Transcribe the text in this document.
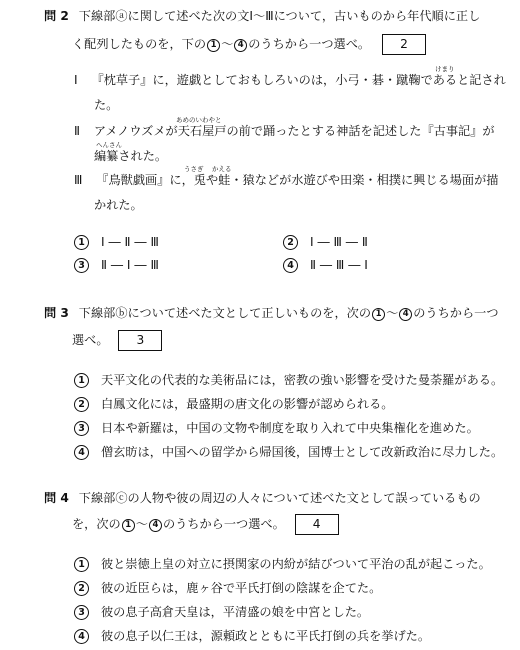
問 2 下線部ⓐに関して述べた次の文Ⅰ～Ⅲについて，古いものから年代順に正し
く配列したものを，下の 1 ～ 4 のうちから一つ選べ。 2
けまり
Ⅰ 『枕草子』に，遊戯としておもしろいのは，小弓・碁・蹴鞠であると記され
た。
あめのいわやと
Ⅱ アメノウズメが天石屋戸の前で踊ったとする神話を記述した『古事記』が
へんさん
編纂された。
うさぎ かえる
Ⅲ 『鳥獣戯画』に，兎や蛙・猿などが水遊びや田楽・相撲に興じる場面が描
かれた。
1 Ⅰ ― Ⅱ ― Ⅲ	2 Ⅰ ― Ⅲ ― Ⅱ
3 Ⅱ ― Ⅰ ― Ⅲ	4 Ⅱ ― Ⅲ ― Ⅰ
問 3 下線部ⓑについて述べた文として正しいものを，次の 1 ～ 4 のうちから一つ
選べ。 3
1 天平文化の代表的な美術品には，密教の強い影響を受けた曼荼羅がある。
2 白鳳文化には，最盛期の唐文化の影響が認められる。
3 日本や新羅は，中国の文物や制度を取り入れて中央集権化を進めた。
4 僧玄昉は，中国への留学から帰国後，国博士として改新政治に尽力した。
問 4 下線部ⓒの人物や彼の周辺の人々について述べた文として誤っているもの
を，次の 1 ～ 4 のうちから一つ選べ。 4
1 彼と崇徳上皇の対立に摂関家の内紛が結びついて平治の乱が起こった。
2 彼の近臣らは，鹿ヶ谷で平氏打倒の陰謀を企てた。
3 彼の息子高倉天皇は，平清盛の娘を中宮とした。
4 彼の息子以仁王は，源頼政とともに平氏打倒の兵を挙げた。
